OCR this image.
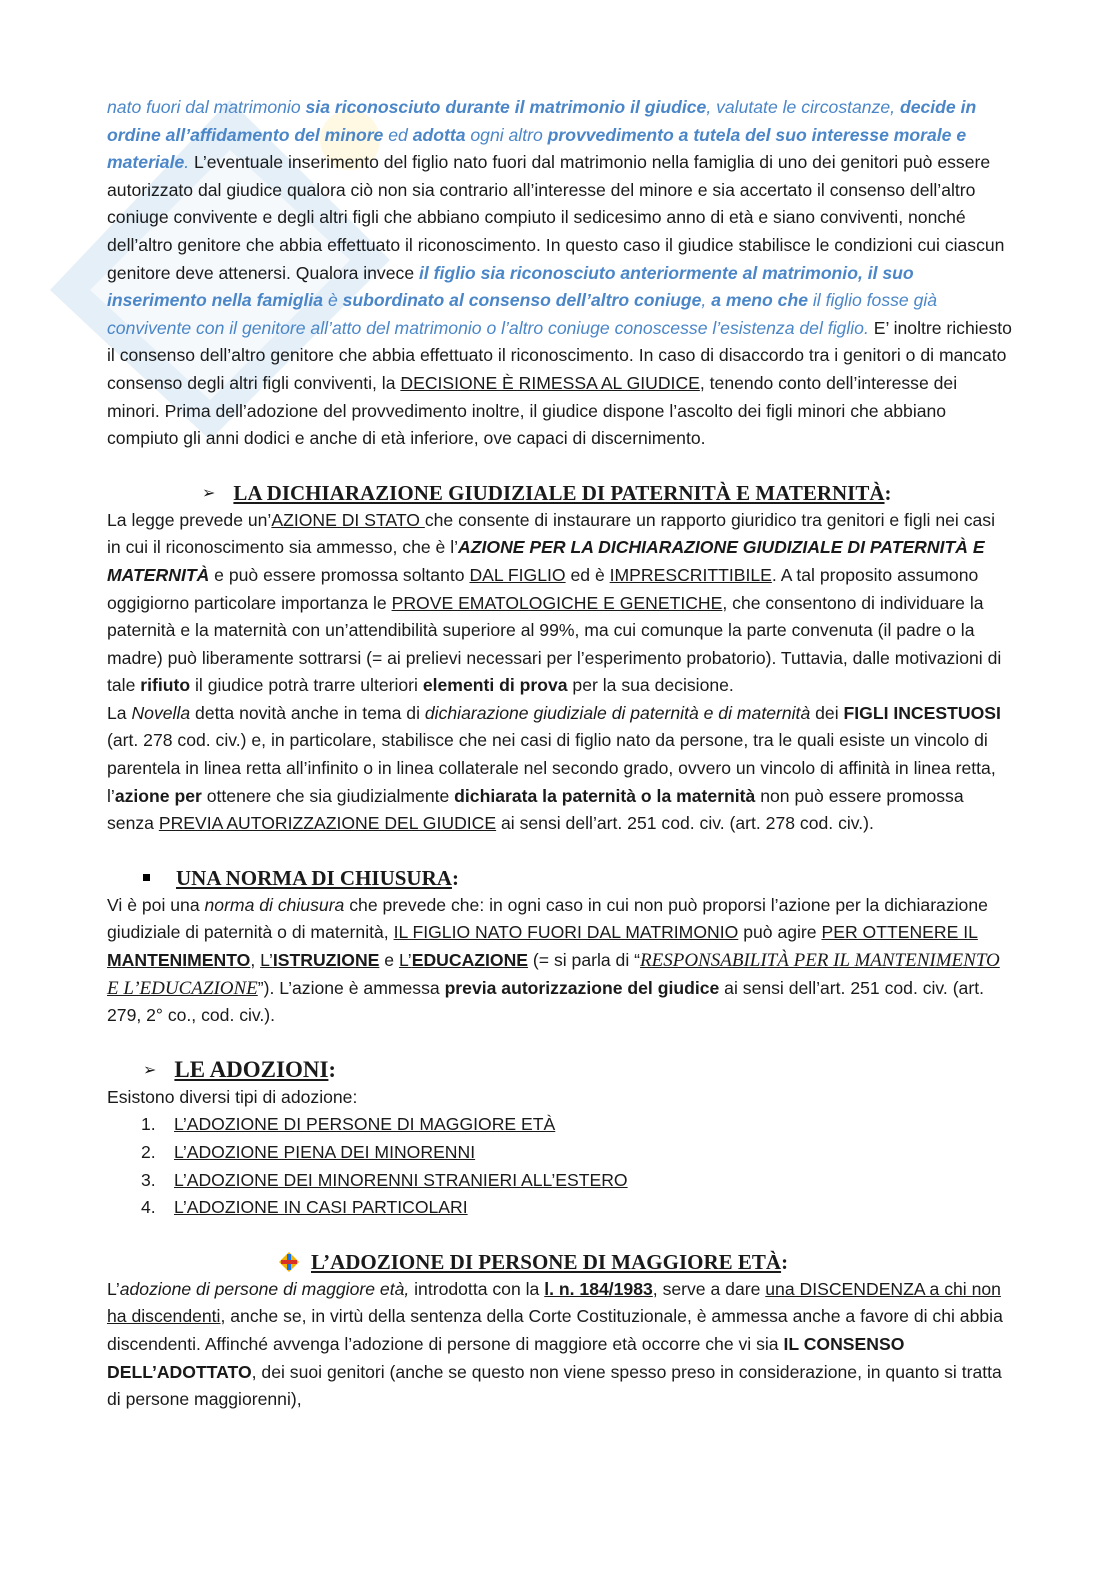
nato fuori dal matrimonio sia riconosciuto durante il matrimonio il giudice, valutate le circostanze, decide in ordine all’affidamento del minore ed adotta ogni altro provvedimento a tutela del suo interesse morale e materiale. L’eventuale inserimento del figlio nato fuori dal matrimonio nella famiglia di uno dei genitori può essere autorizzato dal giudice qualora ciò non sia contrario all’interesse del minore e sia accertato il consenso dell’altro coniuge convivente e degli altri figli che abbiano compiuto il sedicesimo anno di età e siano conviventi, nonché dell’altro genitore che abbia effettuato il riconoscimento. In questo caso il giudice stabilisce le condizioni cui ciascun genitore deve attenersi. Qualora invece il figlio sia riconosciuto anteriormente al matrimonio, il suo inserimento nella famiglia è subordinato al consenso dell’altro coniuge, a meno che il figlio fosse già convivente con il genitore all’atto del matrimonio o l’altro coniuge conoscesse l’esistenza del figlio. E’ inoltre richiesto il consenso dell’altro genitore che abbia effettuato il riconoscimento. In caso di disaccordo tra i genitori o di mancato consenso degli altri figli conviventi, la DECISIONE È RIMESSA AL GIUDICE, tenendo conto dell’interesse dei minori. Prima dell’adozione del provvedimento inoltre, il giudice dispone l’ascolto dei figli minori che abbiano compiuto gli anni dodici e anche di età inferiore, ove capaci di discernimento.

➢ LA DICHIARAZIONE GIUDIZIALE DI PATERNITÀ E MATERNITÀ :

La legge prevede un’AZIONE DI STATO che consente di instaurare un rapporto giuridico tra genitori e figli nei casi in cui il riconoscimento sia ammesso, che è l’AZIONE PER LA DICHIARAZIONE GIUDIZIALE DI PATERNITÀ E MATERNITÀ e può essere promossa soltanto DAL FIGLIO ed è IMPRESCRITTIBILE. A tal proposito assumono oggigiorno particolare importanza le PROVE EMATOLOGICHE E GENETICHE, che consentono di individuare la paternità e la maternità con un’attendibilità superiore al 99%, ma cui comunque la parte convenuta (il padre o la madre) può liberamente sottrarsi (= ai prelievi necessari per l’esperimento probatorio). Tuttavia, dalle motivazioni di tale rifiuto il giudice potrà trarre ulteriori elementi di prova per la sua decisione.

La Novella detta novità anche in tema di dichiarazione giudiziale di paternità e di maternità dei FIGLI INCESTUOSI (art. 278 cod. civ.) e, in particolare, stabilisce che nei casi di figlio nato da persone, tra le quali esiste un vincolo di parentela in linea retta all’infinito o in linea collaterale nel secondo grado, ovvero un vincolo di affinità in linea retta, l’azione per ottenere che sia giudizialmente dichiarata la paternità o la maternità non può essere promossa senza PREVIA AUTORIZZAZIONE DEL GIUDICE ai sensi dell’art. 251 cod. civ. (art. 278 cod. civ.).

UNA NORMA DI CHIUSURA :

Vi è poi una norma di chiusura che prevede che: in ogni caso in cui non può proporsi l’azione per la dichiarazione giudiziale di paternità o di maternità, IL FIGLIO NATO FUORI DAL MATRIMONIO può agire PER OTTENERE IL MANTENIMENTO, L’ISTRUZIONE e L’EDUCAZIONE (= si parla di “RESPONSABILITÀ PER IL MANTENIMENTO E L’EDUCAZIONE”). L’azione è ammessa previa autorizzazione del giudice ai sensi dell’art. 251 cod. civ. (art. 279, 2° co., cod. civ.).

➢ LE ADOZIONI :

Esistono diversi tipi di adozione:

1.	L’ADOZIONE DI PERSONE DI MAGGIORE ETÀ
2.	L’ADOZIONE PIENA DEI MINORENNI
3.	L’ADOZIONE DEI MINORENNI STRANIERI ALL’ESTERO
4.	L’ADOZIONE IN CASI PARTICOLARI
L’ADOZIONE DI PERSONE DI MAGGIORE ETÀ :

L’adozione di persone di maggiore età, introdotta con la l. n. 184/1983, serve a dare una DISCENDENZA a chi non ha discendenti, anche se, in virtù della sentenza della Corte Costituzionale, è ammessa anche a favore di chi abbia discendenti. Affinché avvenga l’adozione di persone di maggiore età occorre che vi sia IL CONSENSO DELL’ADOTTATO, dei suoi genitori (anche se questo non viene spesso preso in considerazione, in quanto si tratta di persone maggiorenni),
